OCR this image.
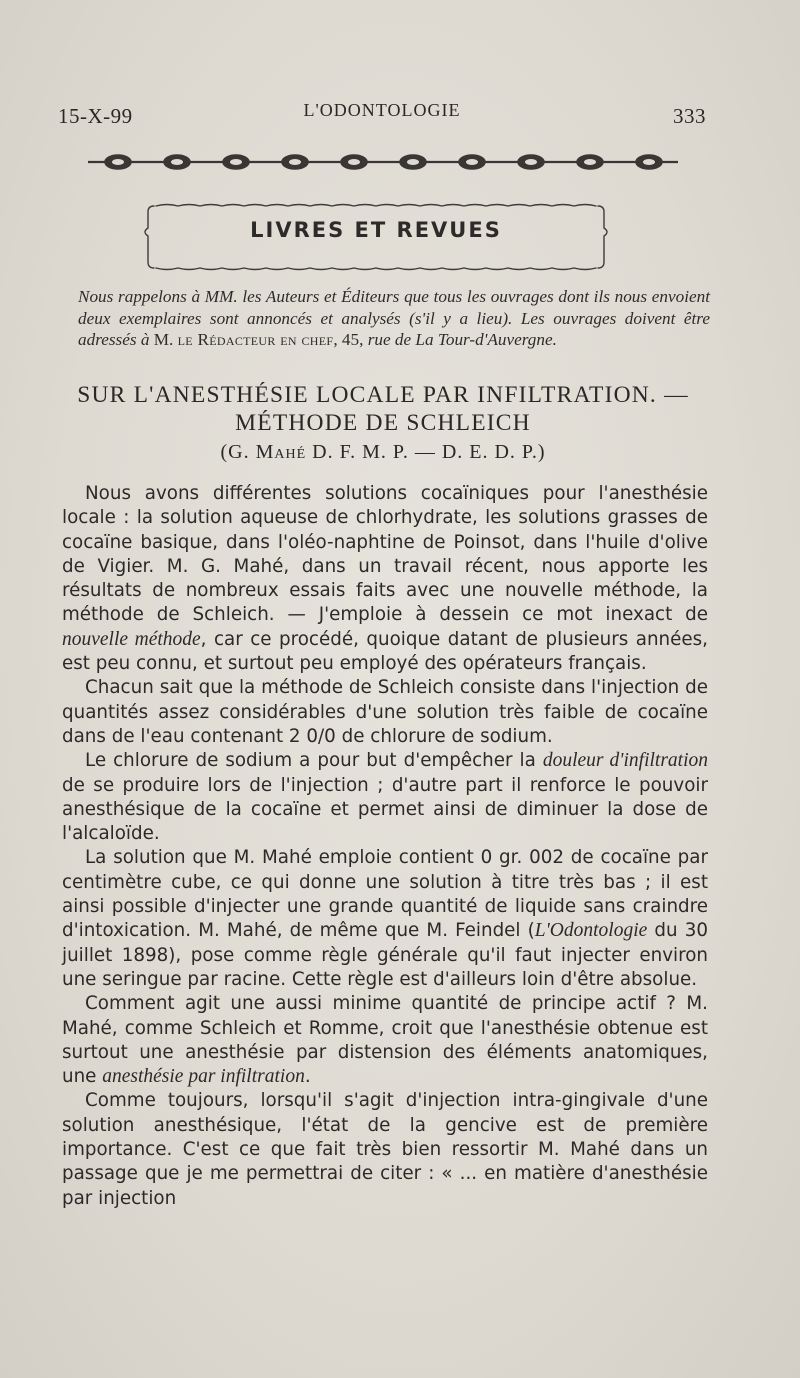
15-X-99	L'ODONTOLOGIE	333
LIVRES ET REVUES
Nous rappelons à MM. les Auteurs et Éditeurs que tous les ouvrages dont ils nous envoient deux exemplaires sont annoncés et analysés (s'il y a lieu). Les ouvrages doivent être adressés à M. le Rédacteur en chef, 45, rue de La Tour-d'Auvergne.
SUR L'ANESTHÉSIE LOCALE PAR INFILTRATION. —
MÉTHODE DE SCHLEICH
(G. Mahé D. F. M. P. — D. E. D. P.)

Nous avons différentes solutions cocaïniques pour l'anesthésie locale : la solution aqueuse de chlorhydrate, les solutions grasses de cocaïne basique, dans l'oléo-naphtine de Poinsot, dans l'huile d'olive de Vigier. M. G. Mahé, dans un travail récent, nous apporte les résultats de nombreux essais faits avec une nouvelle méthode, la méthode de Schleich. — J'emploie à dessein ce mot inexact de nouvelle méthode, car ce procédé, quoique datant de plusieurs années, est peu connu, et surtout peu employé des opérateurs français.

Chacun sait que la méthode de Schleich consiste dans l'injection de quantités assez considérables d'une solution très faible de cocaïne dans de l'eau contenant 2 0/0 de chlorure de sodium.

Le chlorure de sodium a pour but d'empêcher la douleur d'infiltration de se produire lors de l'injection ; d'autre part il renforce le pouvoir anesthésique de la cocaïne et permet ainsi de diminuer la dose de l'alcaloïde.

La solution que M. Mahé emploie contient 0 gr. 002 de cocaïne par centimètre cube, ce qui donne une solution à titre très bas ; il est ainsi possible d'injecter une grande quantité de liquide sans craindre d'intoxication. M. Mahé, de même que M. Feindel (L'Odontologie du 30 juillet 1898), pose comme règle générale qu'il faut injecter environ une seringue par racine. Cette règle est d'ailleurs loin d'être absolue.

Comment agit une aussi minime quantité de principe actif ? M. Mahé, comme Schleich et Romme, croit que l'anesthésie obtenue est surtout une anesthésie par distension des éléments anatomiques, une anesthésie par infiltration.

Comme toujours, lorsqu'il s'agit d'injection intra-gingivale d'une solution anesthésique, l'état de la gencive est de première importance. C'est ce que fait très bien ressortir M. Mahé dans un passage que je me permettrai de citer : « ... en matière d'anesthésie par injection
